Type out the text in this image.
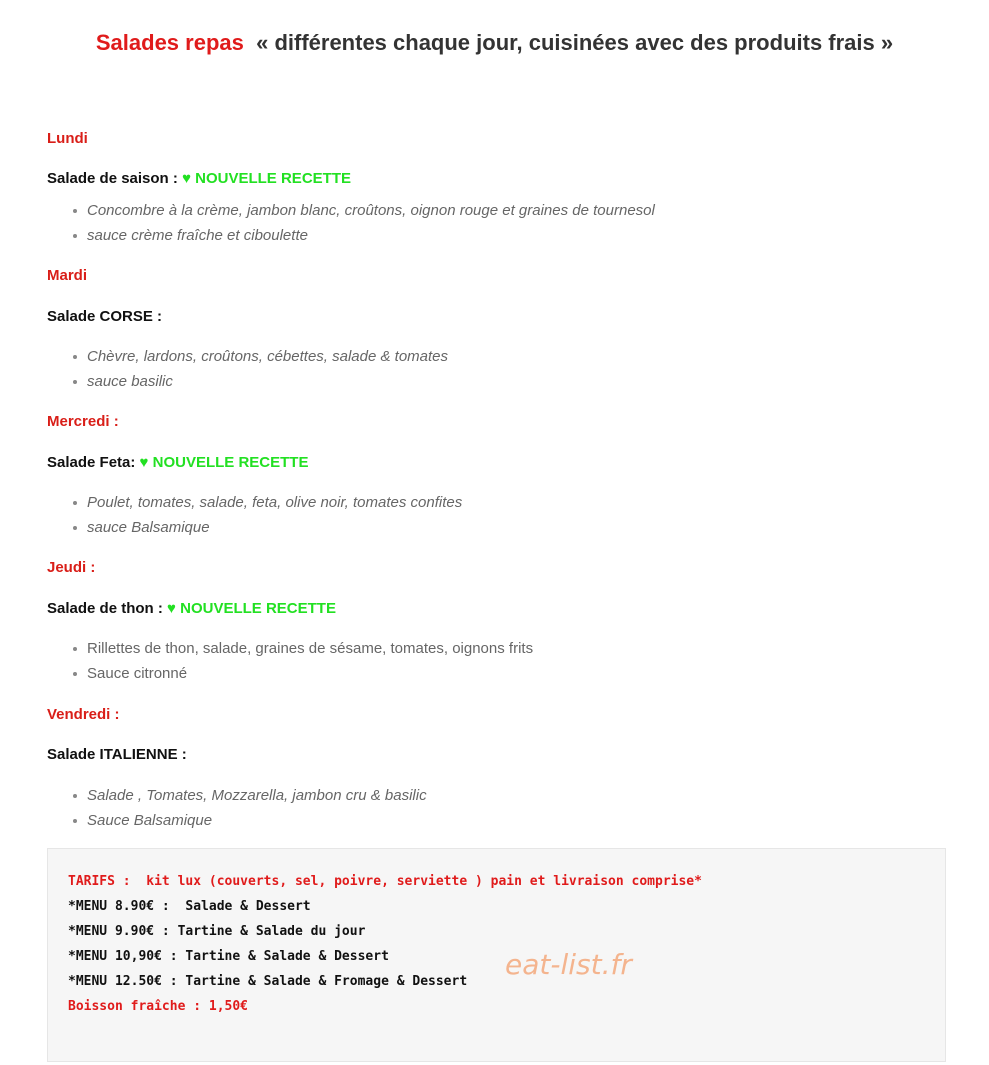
Salades repas « différentes chaque jour, cuisinées avec des produits frais »
Lundi
Salade de saison : ♥ NOUVELLE RECETTE
Concombre à la crème, jambon blanc, croûtons, oignon rouge et graines de tournesol
sauce crème fraîche et ciboulette
Mardi
Salade CORSE :
Chèvre, lardons, croûtons, cébettes, salade & tomates
sauce basilic
Mercredi :
Salade Feta: ♥ NOUVELLE RECETTE
Poulet, tomates, salade, feta, olive noir, tomates confites
sauce Balsamique
Jeudi :
Salade de thon : ♥ NOUVELLE RECETTE
Rillettes de thon, salade, graines de sésame, tomates, oignons frits
Sauce citronné
Vendredi :
Salade ITALIENNE :
Salade , Tomates, Mozzarella, jambon cru & basilic
Sauce Balsamique
TARIFS :  kit lux (couverts, sel, poivre, serviette ) pain et livraison comprise*
*MENU 8.90€ :  Salade & Dessert
*MENU 9.90€ : Tartine & Salade du jour
*MENU 10,90€ : Tartine & Salade & Dessert
*MENU 12.50€ : Tartine & Salade & Fromage & Dessert
Boisson fraîche : 1,50€
eat-list.fr
